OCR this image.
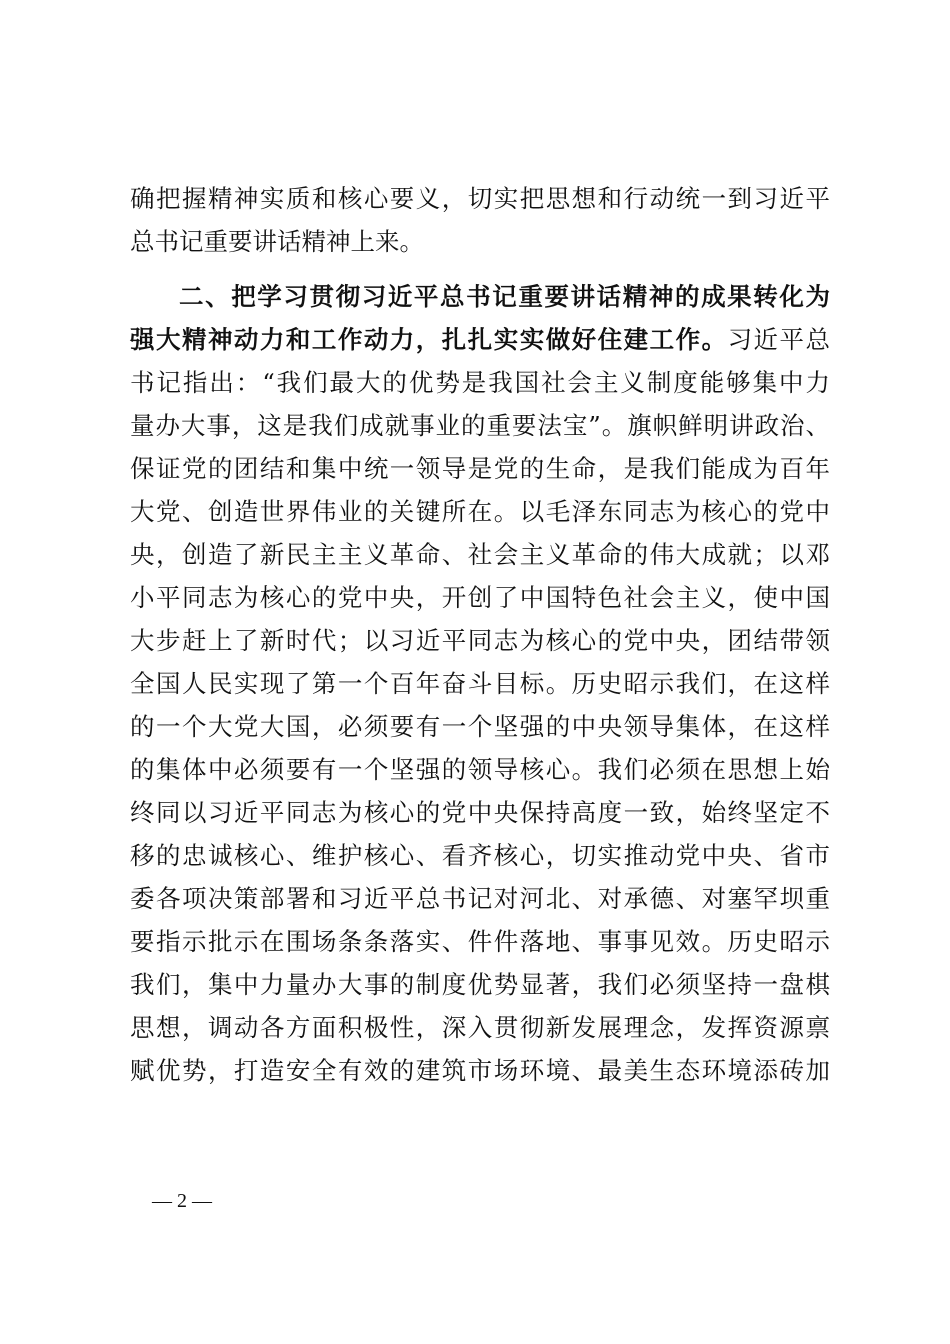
确把握精神实质和核心要义，切实把思想和行动统一到习近平
总书记重要讲话精神上来。
二、把学习贯彻习近平总书记重要讲话精神的成果转化为
强大精神动力和工作动力，扎扎实实做好住建工作。习近平总
书记指出：“我们最大的优势是我国社会主义制度能够集中力
量办大事，这是我们成就事业的重要法宝”。旗帜鲜明讲政治、
保证党的团结和集中统一领导是党的生命，是我们能成为百年
大党、创造世界伟业的关键所在。以毛泽东同志为核心的党中
央，创造了新民主主义革命、社会主义革命的伟大成就；以邓
小平同志为核心的党中央，开创了中国特色社会主义，使中国
大步赶上了新时代；以习近平同志为核心的党中央，团结带领
全国人民实现了第一个百年奋斗目标。历史昭示我们，在这样
的一个大党大国，必须要有一个坚强的中央领导集体，在这样
的集体中必须要有一个坚强的领导核心。我们必须在思想上始
终同以习近平同志为核心的党中央保持高度一致，始终坚定不
移的忠诚核心、维护核心、看齐核心，切实推动党中央、省市
委各项决策部署和习近平总书记对河北、对承德、对塞罕坝重
要指示批示在围场条条落实、件件落地、事事见效。历史昭示
我们，集中力量办大事的制度优势显著，我们必须坚持一盘棋
思想，调动各方面积极性，深入贯彻新发展理念，发挥资源禀
赋优势，打造安全有效的建筑市场环境、最美生态环境添砖加
— 2 —
